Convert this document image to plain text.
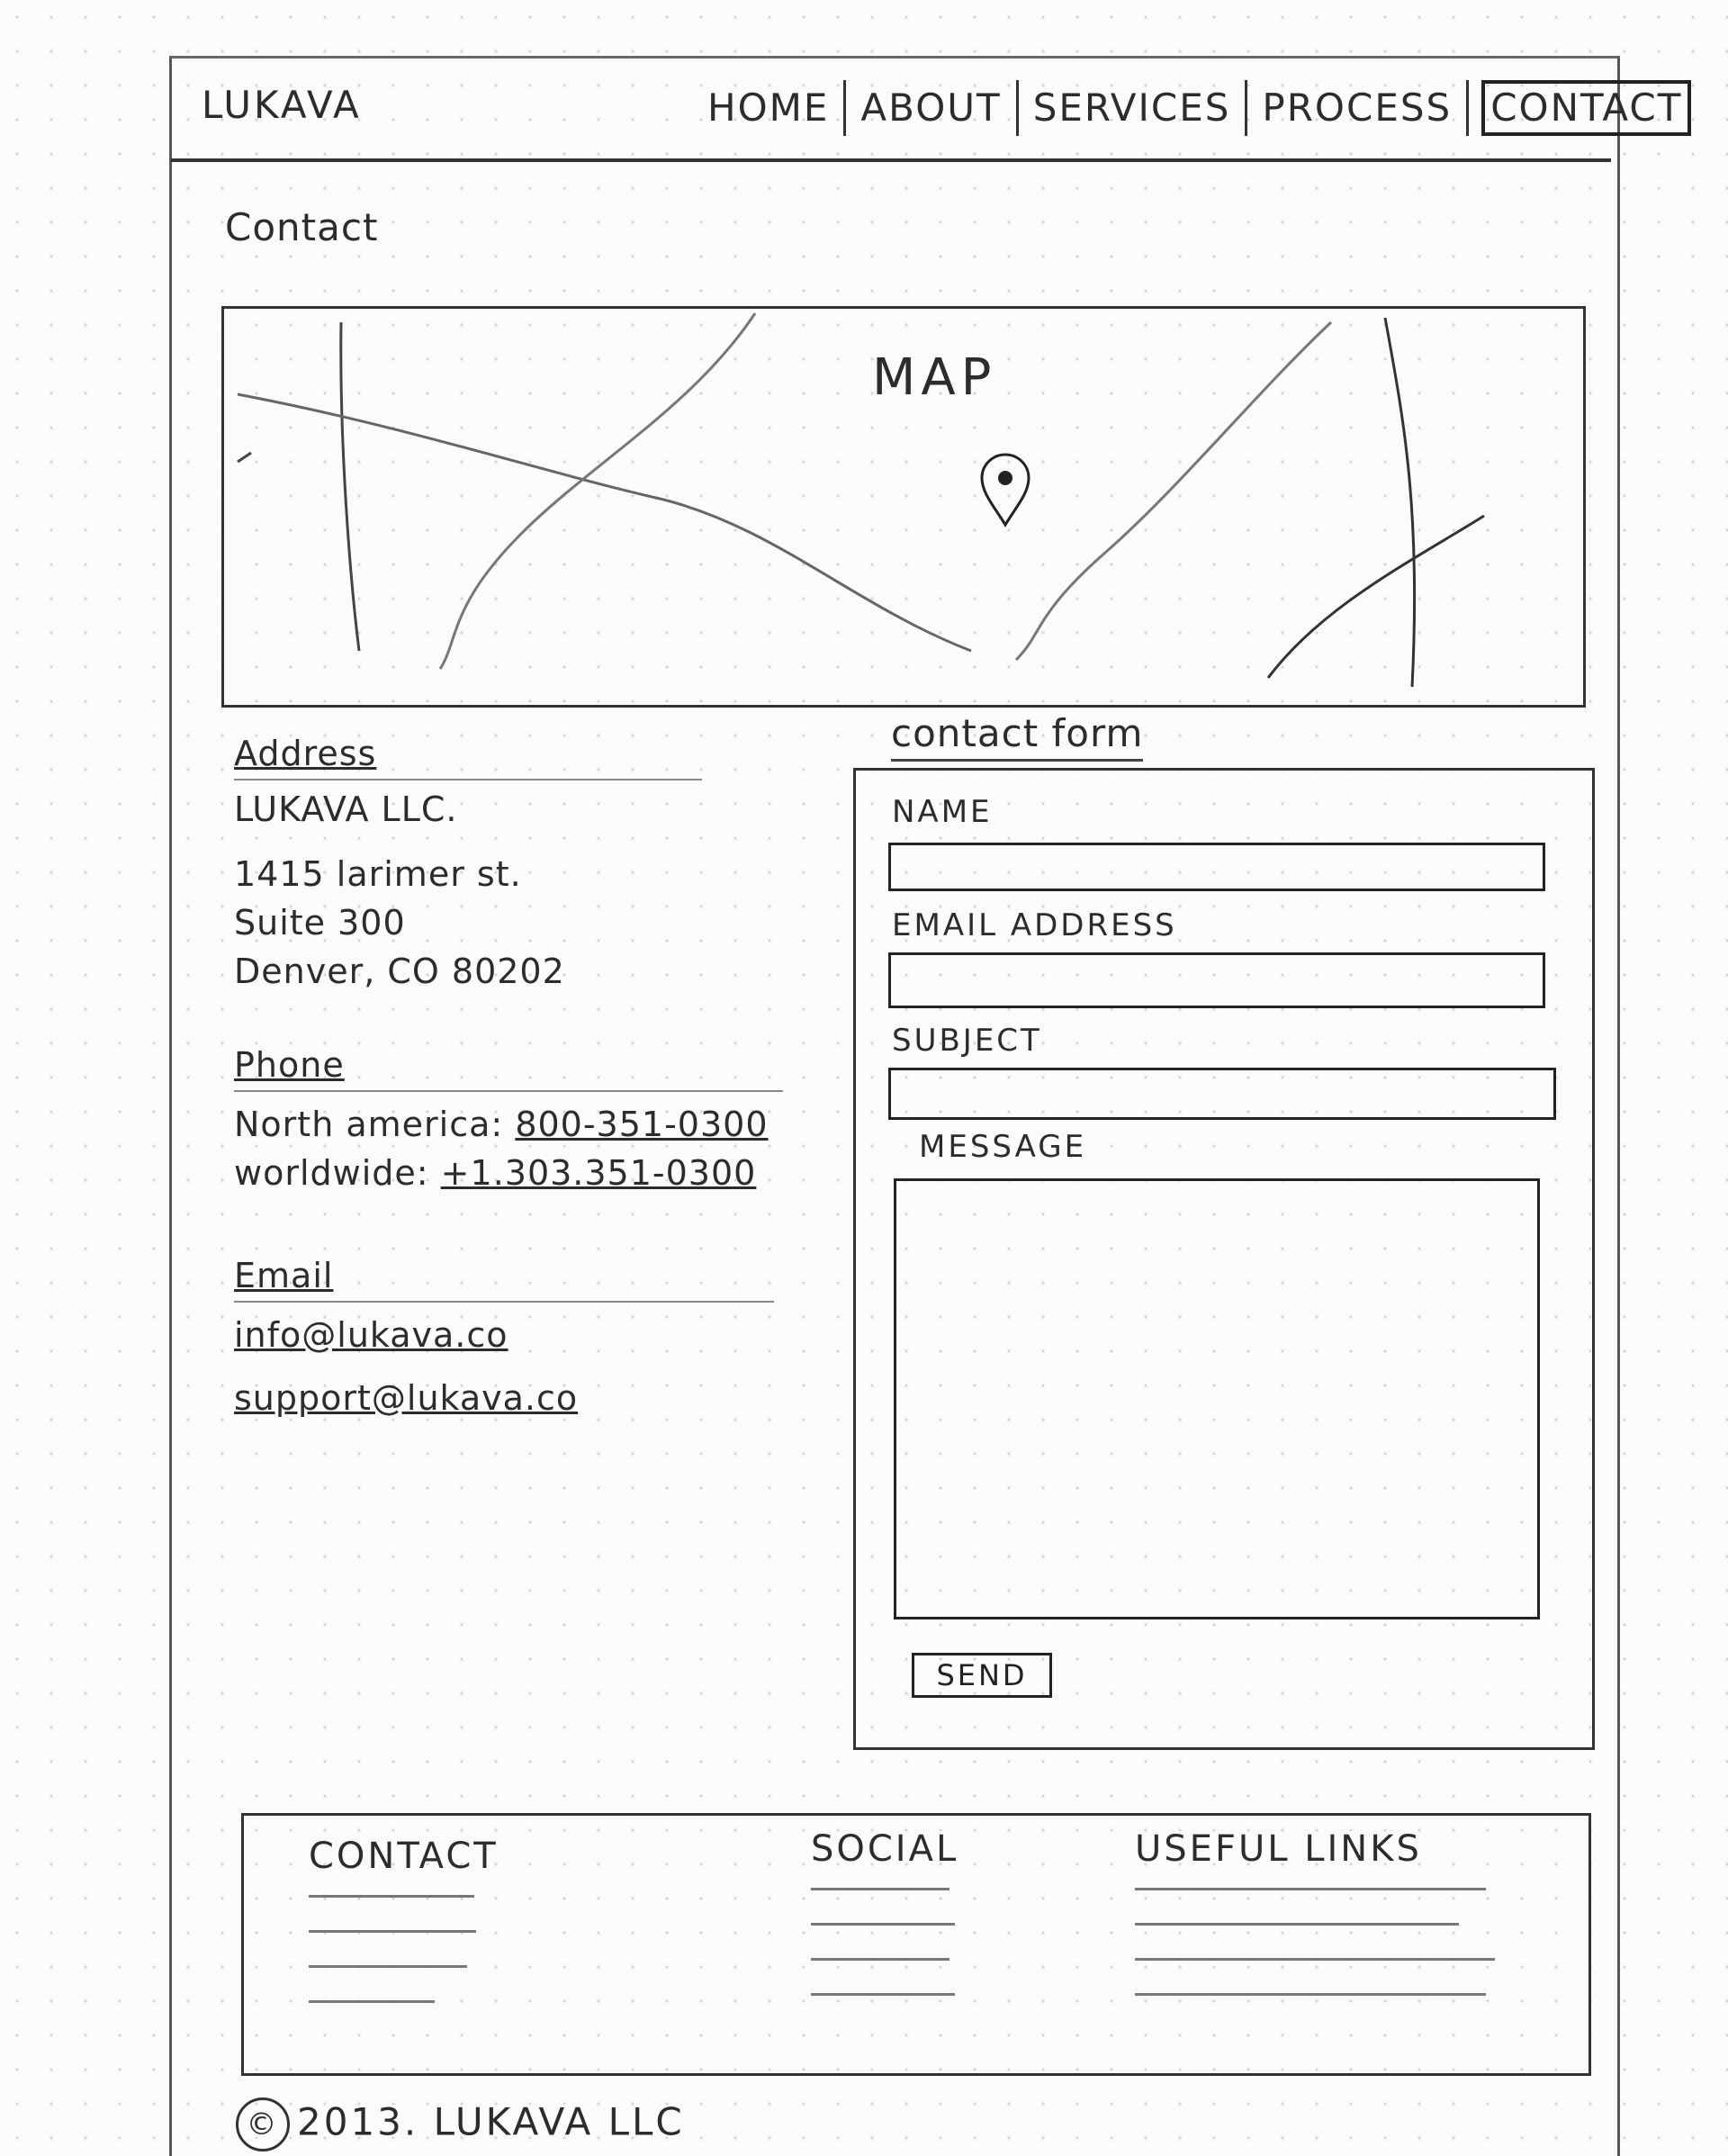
LUKAVA	HOME ABOUT SERVICES PROCESS	CONTACT
Contact
MAP
Address
LUKAVA LLC.
1415 larimer st.
Suite 300
Denver, CO 80202
Phone
North america: 800-351-0300
worldwide: +1.303.351-0300
Email
info@lukava.co
support@lukava.co
contact form
NAME
EMAIL ADDRESS
SUBJECT
MESSAGE
SEND
CONTACT	SOCIAL	USEFUL LINKS
© 2013. LUKAVA LLC
